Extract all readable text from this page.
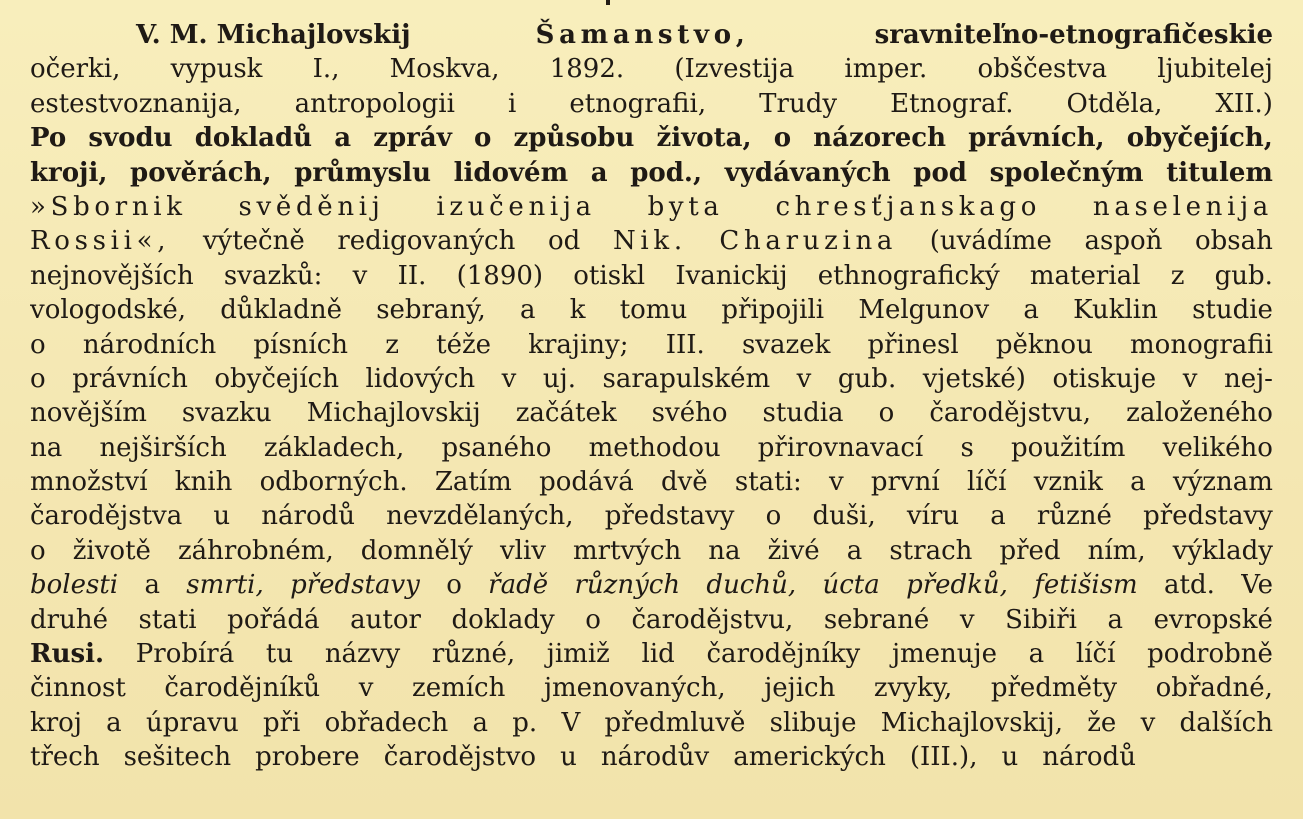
V. M. Michajlovskij	Šamanstvo,	sravniteľno-etnografičeskie
očerki, vypusk I., Moskva, 1892. (Izvestija imper. obščestva ljubitelej
estestvoznanija, antropologii i etnografii, Trudy Etnograf. Otděla, XII.)
Po svodu dokladů a zpráv o způsobu života, o názorech právních, obyčejích,
kroji, pověrách, průmyslu lidovém a pod., vydávaných pod společným titulem
»Sbornik svěděnij izučenija byta chresťjanskago naselenija
Rossii«, výtečně redigovaných od Nik. Charuzina (uvádíme aspoň obsah
nejnovějších svazků: v II. (1890) otiskl Ivanickij ethnografický material z gub.
vologodské, důkladně sebraný, a k tomu připojili Melgunov a Kuklin studie
o národních písních z téže krajiny; III. svazek přinesl pěknou monografii
o právních obyčejích lidových v uj. sarapulském v gub. vjetské) otiskuje v nej-
novějším svazku Michajlovskij začátek svého studia o čarodějstvu, založeného
na nejširších základech, psaného methodou přirovnavací s použitím velikého
množství knih odborných. Zatím podává dvě stati: v první líčí vznik a význam
čarodějstva u národů nevzdělaných, představy o duši, víru a různé představy
o životě záhrobném, domnělý vliv mrtvých na živé a strach před ním, výklady
bolesti a smrti, představy o řadě různých duchů, úcta předků, fetišism atd. Ve
druhé stati pořádá autor doklady o čarodějstvu, sebrané v Sibiři a evropské
Rusi. Probírá tu názvy různé, jimiž lid čarodějníky jmenuje a líčí podrobně
činnost čarodějníků v zemích jmenovaných, jejich zvyky, předměty obřadné,
kroj a úpravu při obřadech a p. V předmluvě slibuje Michajlovskij, že v dalších
třech sešitech probere čarodějstvo u národův amerických (III.), u národů
